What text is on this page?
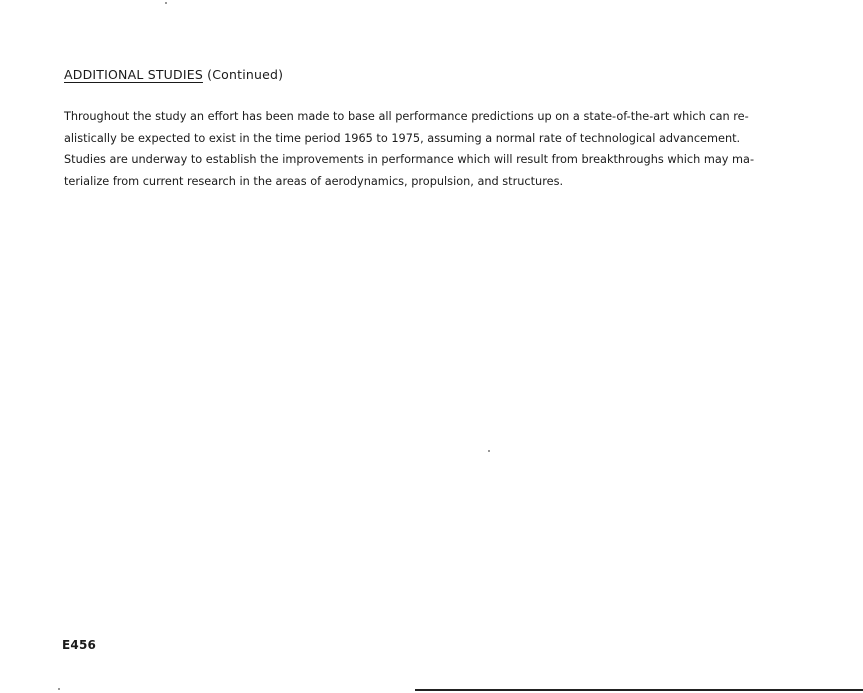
ADDITIONAL STUDIES (Continued)
Throughout the study an effort has been made to base all performance predictions up on a state-of-the-art which can re-
alistically be expected to exist in the time period 1965 to 1975, assuming a normal rate of technological advancement.
Studies are underway to establish the improvements in performance which will result from breakthroughs which may ma-
terialize from current research in the areas of aerodynamics, propulsion, and structures.
E456
